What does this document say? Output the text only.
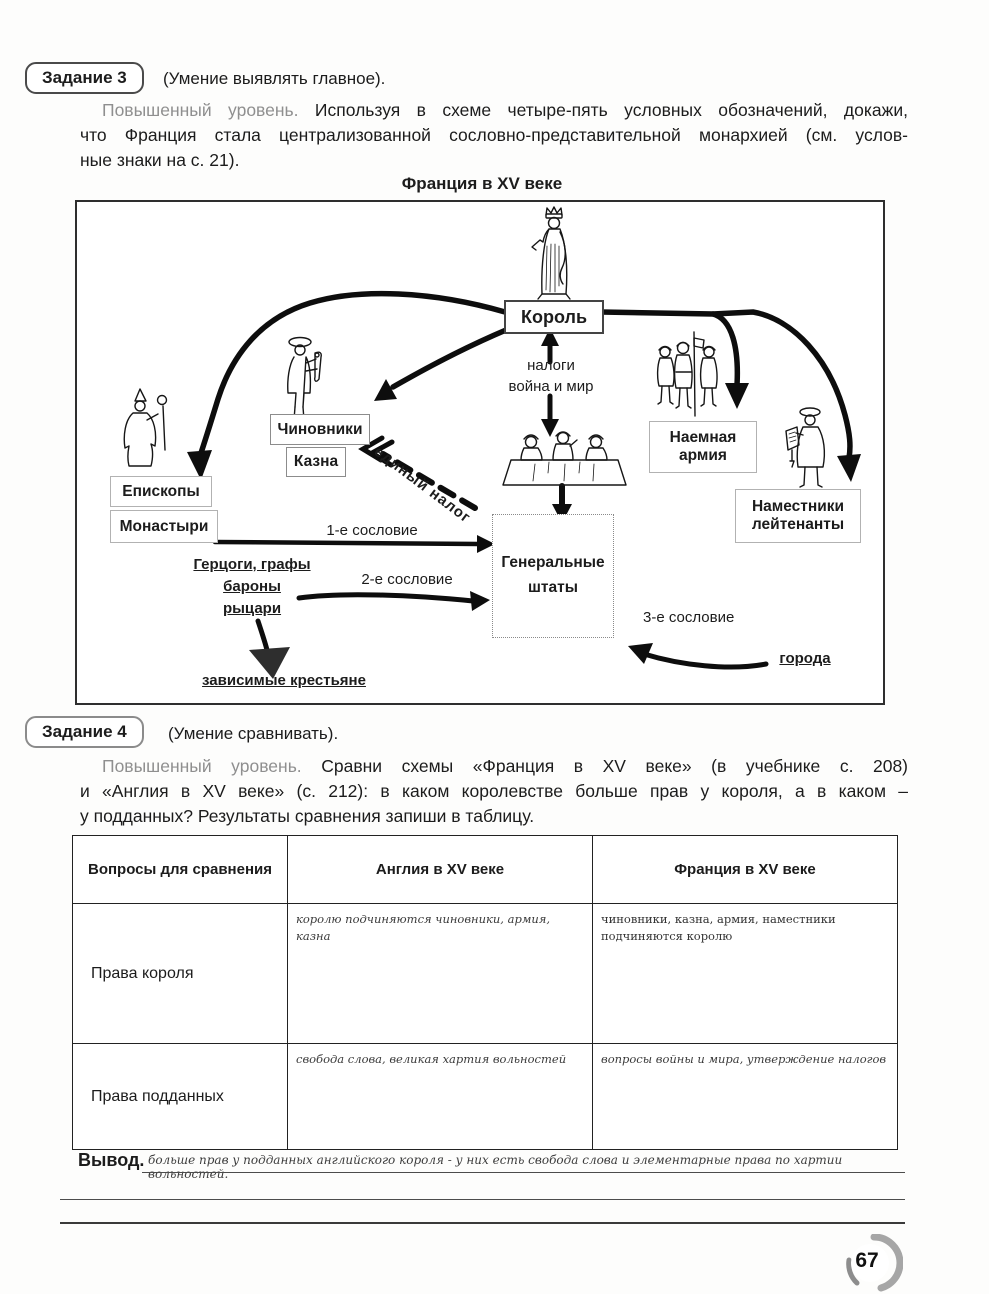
Задание 3	(Умение выявлять главное).
Повышенный уровень. Используя в схеме четыре-пять условных обозначений, докажи,
что Франция стала централизованной сословно-представительной монархией (см. услов-
ные знаки на с. 21).
Франция в XV веке
Король
Чиновники
Казна
Епископы
Монастыри
Наемная армия
Наместники
лейтенанты
Генеральные
штаты
налоги
война и мир
1-е сословие
2-е сословие
3-е сословие
единый налог
Герцоги, графы
бароны
рыцари
зависимые крестьяне
города
Задание 4	(Умение сравнивать).
Повышенный уровень. Сравни схемы «Франция в XV веке» (в учебнике с. 208)
и «Англия в XV веке» (с. 212): в каком королевстве больше прав у короля, а в каком –
у подданных? Результаты сравнения запиши в таблицу.
Вопросы для сравнения	Англия в XV веке	Франция в XV веке
Права короля	королю подчиняются чиновники, армия, казна	чиновники, казна, армия, наместники подчиняются королю
Права подданных	свобода слова, великая хартия вольностей	вопросы войны и мира, утверждение налогов
Вывод. больше прав у подданных английского короля - у них есть свобода слова и элементарные права по хартии вольностей.
67
